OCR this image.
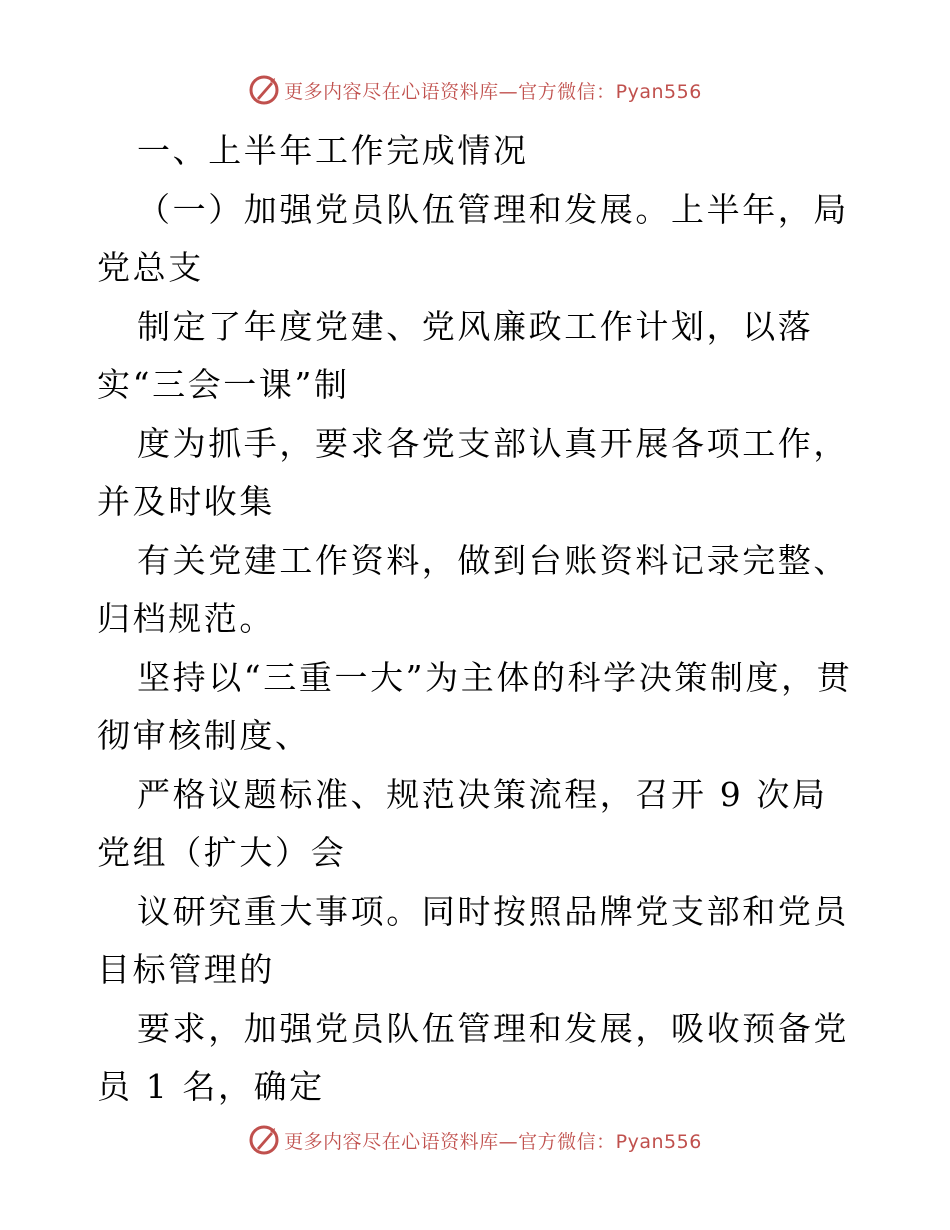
更多内容尽在心语资料库—官方微信：Pyan556

一、上半年工作完成情况

（一）加强党员队伍管理和发展。上半年，局党总支

制定了年度党建、党风廉政工作计划，以落实“三会一课”制

度为抓手，要求各党支部认真开展各项工作，并及时收集

有关党建工作资料，做到台账资料记录完整、归档规范。

坚持以“三重一大”为主体的科学决策制度，贯彻审核制度、

严格议题标准、规范决策流程，召开 9 次局党组（扩大）会

议研究重大事项。同时按照品牌党支部和党员目标管理的

要求，加强党员队伍管理和发展，吸收预备党员 1 名，确定

更多内容尽在心语资料库—官方微信：Pyan556
